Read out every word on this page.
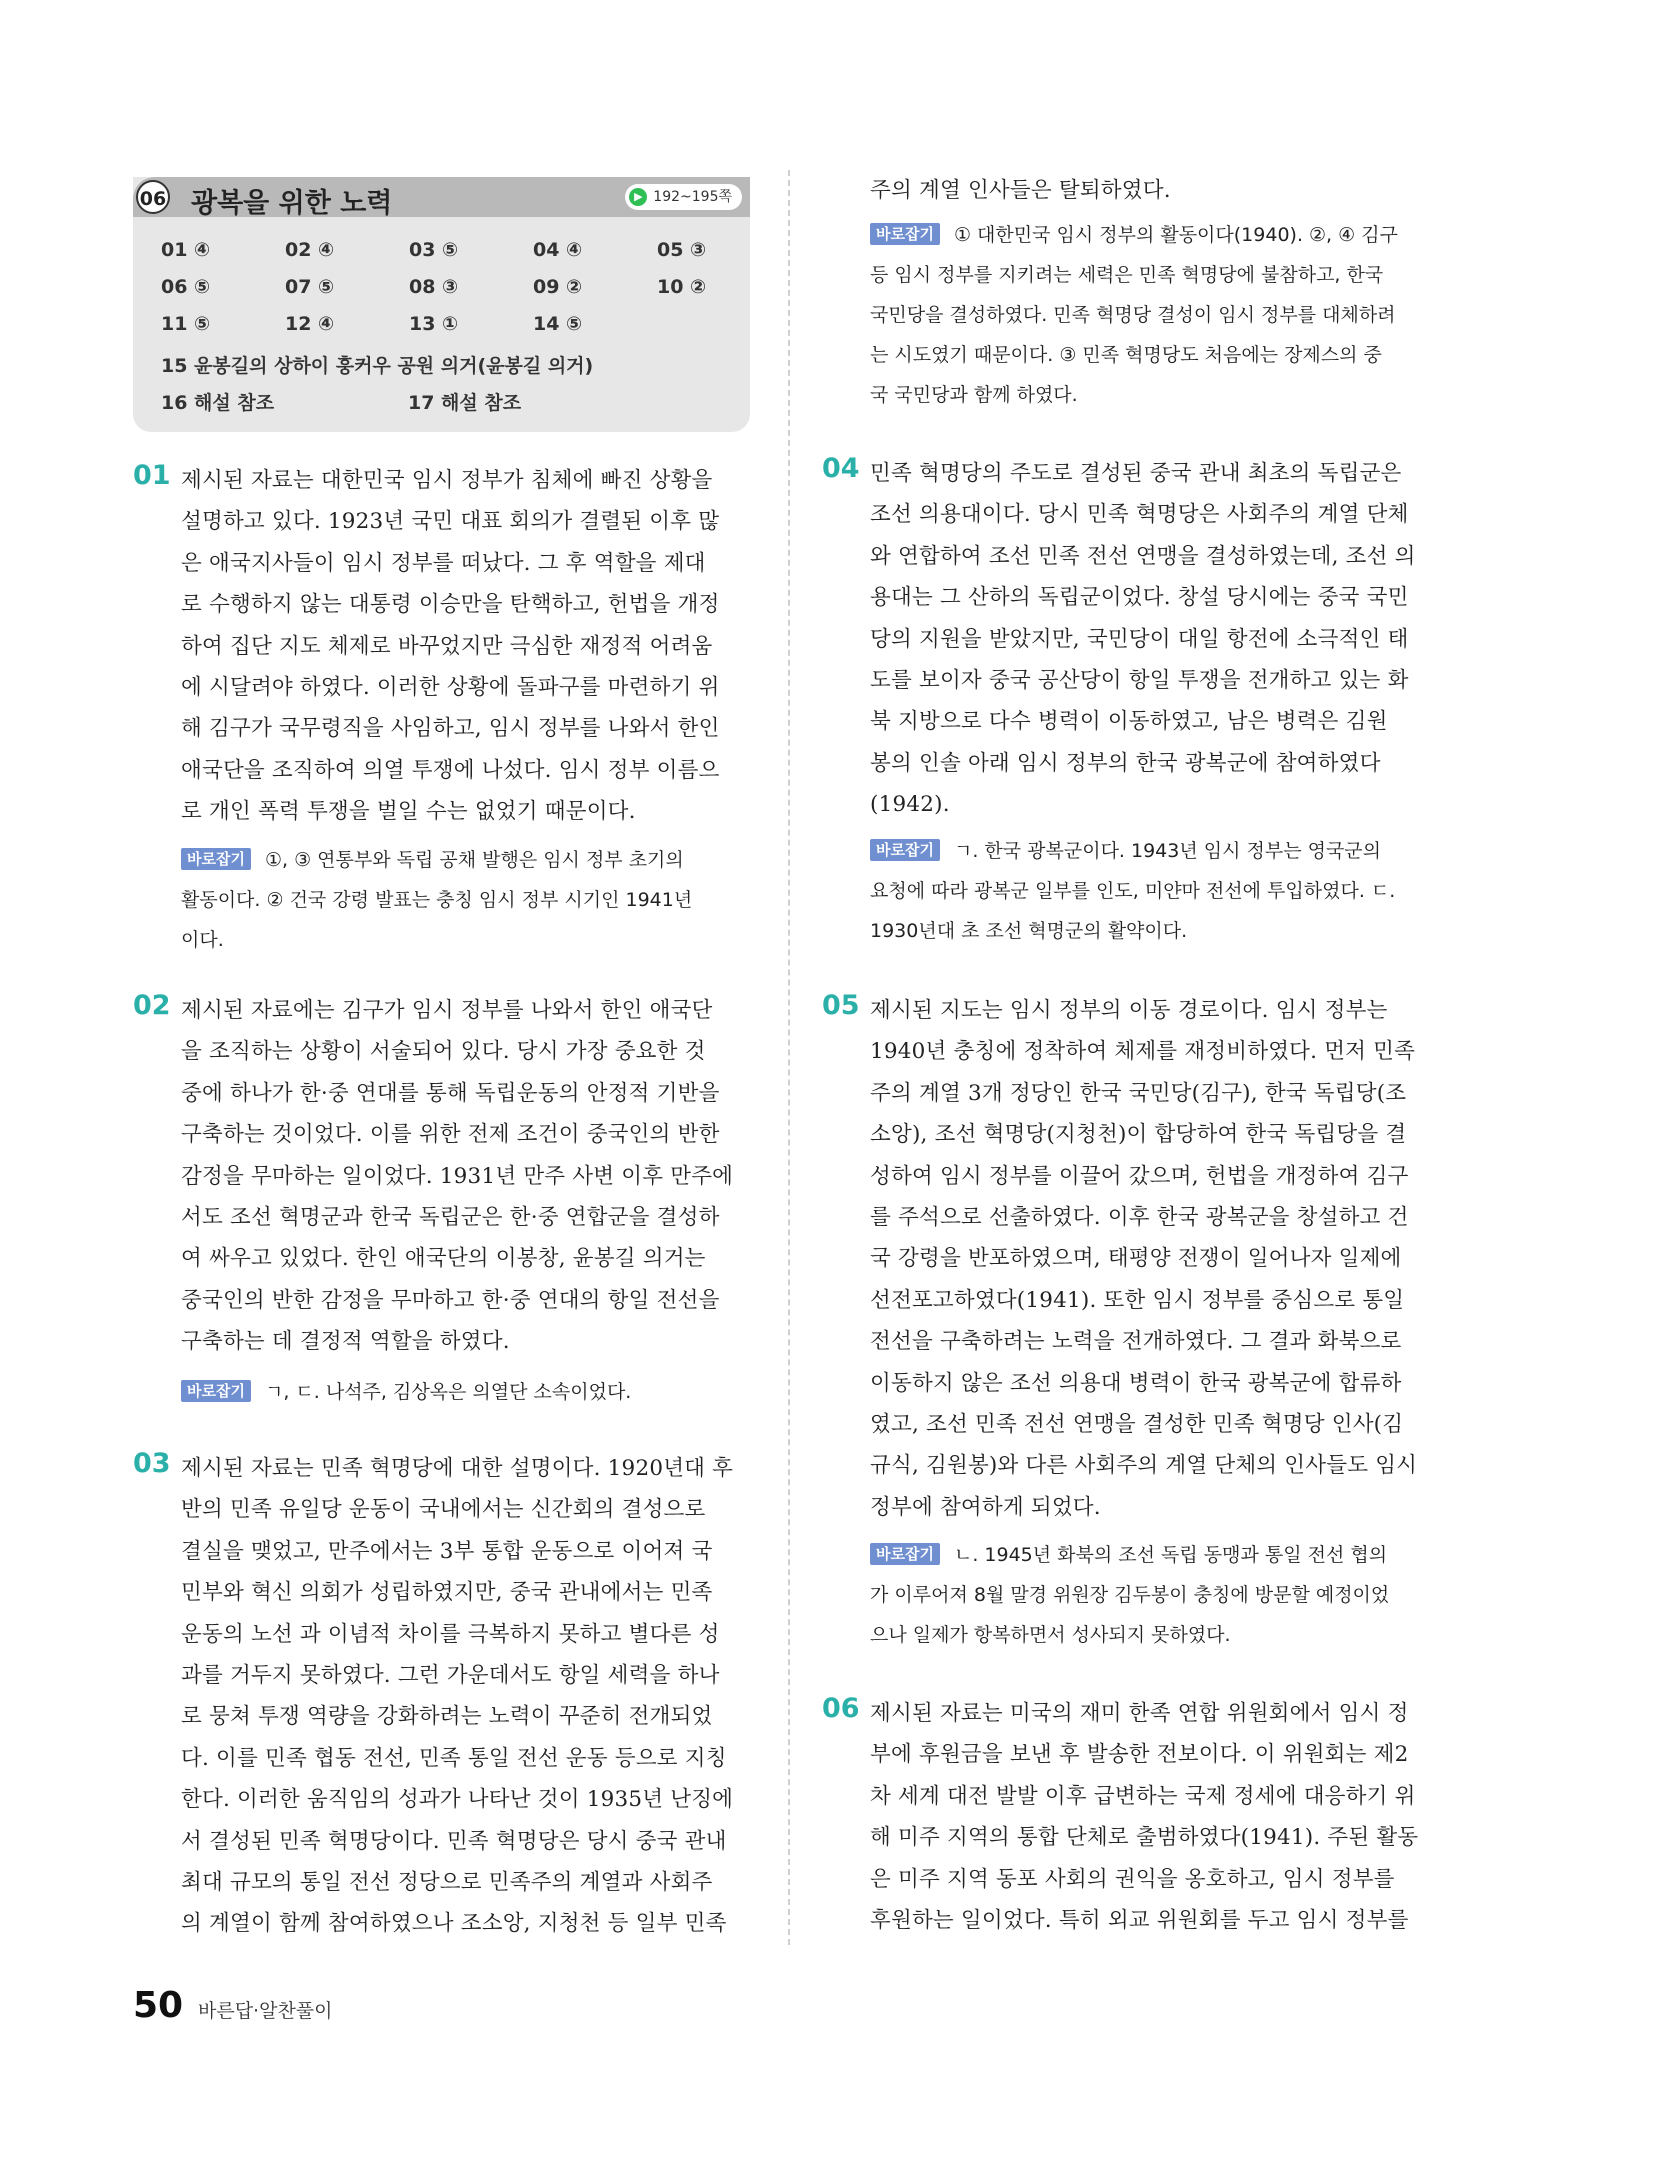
06 광복을 위한 노력	▶ 192~195쪽
01 ④	02 ④	03 ⑤	04 ④	05 ③
06 ⑤	07 ⑤	08 ③	09 ②	10 ②
11 ⑤	12 ④	13 ①	14 ⑤
15 윤봉길의 상하이 훙커우 공원 의거(윤봉길 의거)
16 해설 참조	17 해설 참조
01 제시된 자료는 대한민국 임시 정부가 침체에 빠진 상황을
설명하고 있다. 1923년 국민 대표 회의가 결렬된 이후 많
은 애국지사들이 임시 정부를 떠났다. 그 후 역할을 제대
로 수행하지 않는 대통령 이승만을 탄핵하고, 헌법을 개정
하여 집단 지도 체제로 바꾸었지만 극심한 재정적 어려움
에 시달려야 하였다. 이러한 상황에 돌파구를 마련하기 위
해 김구가 국무령직을 사임하고, 임시 정부를 나와서 한인
애국단을 조직하여 의열 투쟁에 나섰다. 임시 정부 이름으
로 개인 폭력 투쟁을 벌일 수는 없었기 때문이다.
바로잡기 ①, ③ 연통부와 독립 공채 발행은 임시 정부 초기의
활동이다. ② 건국 강령 발표는 충칭 임시 정부 시기인 1941년
이다.
02 제시된 자료에는 김구가 임시 정부를 나와서 한인 애국단
을 조직하는 상황이 서술되어 있다. 당시 가장 중요한 것
중에 하나가 한·중 연대를 통해 독립운동의 안정적 기반을
구축하는 것이었다. 이를 위한 전제 조건이 중국인의 반한
감정을 무마하는 일이었다. 1931년 만주 사변 이후 만주에
서도 조선 혁명군과 한국 독립군은 한·중 연합군을 결성하
여 싸우고 있었다. 한인 애국단의 이봉창, 윤봉길 의거는
중국인의 반한 감정을 무마하고 한·중 연대의 항일 전선을
구축하는 데 결정적 역할을 하였다.
바로잡기 ㄱ, ㄷ. 나석주, 김상옥은 의열단 소속이었다.
03 제시된 자료는 민족 혁명당에 대한 설명이다. 1920년대 후
반의 민족 유일당 운동이 국내에서는 신간회의 결성으로
결실을 맺었고, 만주에서는 3부 통합 운동으로 이어져 국
민부와 혁신 의회가 성립하였지만, 중국 관내에서는 민족
운동의 노선 과 이념적 차이를 극복하지 못하고 별다른 성
과를 거두지 못하였다. 그런 가운데서도 항일 세력을 하나
로 뭉쳐 투쟁 역량을 강화하려는 노력이 꾸준히 전개되었
다. 이를 민족 협동 전선, 민족 통일 전선 운동 등으로 지칭
한다. 이러한 움직임의 성과가 나타난 것이 1935년 난징에
서 결성된 민족 혁명당이다. 민족 혁명당은 당시 중국 관내
최대 규모의 통일 전선 정당으로 민족주의 계열과 사회주
의 계열이 함께 참여하였으나 조소앙, 지청천 등 일부 민족
주의 계열 인사들은 탈퇴하였다.
바로잡기 ① 대한민국 임시 정부의 활동이다(1940). ②, ④ 김구
등 임시 정부를 지키려는 세력은 민족 혁명당에 불참하고, 한국
국민당을 결성하였다. 민족 혁명당 결성이 임시 정부를 대체하려
는 시도였기 때문이다. ③ 민족 혁명당도 처음에는 장제스의 중
국 국민당과 함께 하였다.
04 민족 혁명당의 주도로 결성된 중국 관내 최초의 독립군은
조선 의용대이다. 당시 민족 혁명당은 사회주의 계열 단체
와 연합하여 조선 민족 전선 연맹을 결성하였는데, 조선 의
용대는 그 산하의 독립군이었다. 창설 당시에는 중국 국민
당의 지원을 받았지만, 국민당이 대일 항전에 소극적인 태
도를 보이자 중국 공산당이 항일 투쟁을 전개하고 있는 화
북 지방으로 다수 병력이 이동하였고, 남은 병력은 김원
봉의 인솔 아래 임시 정부의 한국 광복군에 참여하였다
(1942).
바로잡기 ㄱ. 한국 광복군이다. 1943년 임시 정부는 영국군의
요청에 따라 광복군 일부를 인도, 미얀마 전선에 투입하였다. ㄷ.
1930년대 초 조선 혁명군의 활약이다.
05 제시된 지도는 임시 정부의 이동 경로이다. 임시 정부는
1940년 충칭에 정착하여 체제를 재정비하였다. 먼저 민족
주의 계열 3개 정당인 한국 국민당(김구), 한국 독립당(조
소앙), 조선 혁명당(지청천)이 합당하여 한국 독립당을 결
성하여 임시 정부를 이끌어 갔으며, 헌법을 개정하여 김구
를 주석으로 선출하였다. 이후 한국 광복군을 창설하고 건
국 강령을 반포하였으며, 태평양 전쟁이 일어나자 일제에
선전포고하였다(1941). 또한 임시 정부를 중심으로 통일
전선을 구축하려는 노력을 전개하였다. 그 결과 화북으로
이동하지 않은 조선 의용대 병력이 한국 광복군에 합류하
였고, 조선 민족 전선 연맹을 결성한 민족 혁명당 인사(김
규식, 김원봉)와 다른 사회주의 계열 단체의 인사들도 임시
정부에 참여하게 되었다.
바로잡기 ㄴ. 1945년 화북의 조선 독립 동맹과 통일 전선 협의
가 이루어져 8월 말경 위원장 김두봉이 충칭에 방문할 예정이었
으나 일제가 항복하면서 성사되지 못하였다.
06 제시된 자료는 미국의 재미 한족 연합 위원회에서 임시 정
부에 후원금을 보낸 후 발송한 전보이다. 이 위원회는 제2
차 세계 대전 발발 이후 급변하는 국제 정세에 대응하기 위
해 미주 지역의 통합 단체로 출범하였다(1941). 주된 활동
은 미주 지역 동포 사회의 권익을 옹호하고, 임시 정부를
후원하는 일이었다. 특히 외교 위원회를 두고 임시 정부를
50 바른답·알찬풀이
